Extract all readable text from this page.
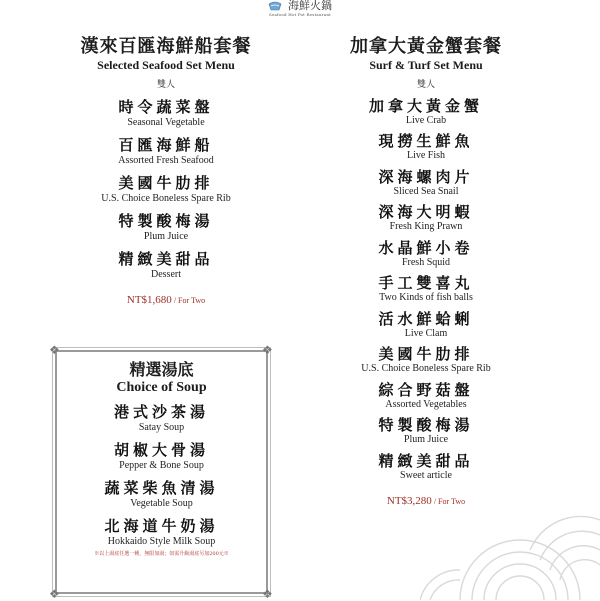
海鮮火鍋
Seafood Hot Pot Restaurant
漢來百匯海鮮船套餐
Selected Seafood Set Menu
雙人
時令蔬菜盤
Seasonal Vegetable
百匯海鮮船
Assorted Fresh Seafood
美國牛肋排
U.S. Choice Boneless Spare Rib
特製酸梅湯
Plum Juice
精緻美甜品
Dessert
NT$1,680 / For Two
❖	❖
❖	❖
精選湯底
Choice of Soup
港式沙茶湯
Satay Soup
胡椒大骨湯
Pepper & Bone Soup
蔬菜柴魚清湯
Vegetable Soup
北海道牛奶湯
Hokkaido Style Milk Soup
※以上湯底任選一種，無限加湯；如需升級湯底另加200元※
加拿大黃金蟹套餐
Surf & Turf Set Menu
雙人
加拿大黃金蟹
Live Crab
現撈生鮮魚
Live Fish
深海螺肉片
Sliced Sea Snail
深海大明蝦
Fresh King Prawn
水晶鮮小卷
Fresh Squid
手工雙喜丸
Two Kinds of fish balls
活水鮮蛤蜊
Live Clam
美國牛肋排
U.S. Choice Boneless Spare Rib
綜合野菇盤
Assorted Vegetables
特製酸梅湯
Plum Juice
精緻美甜品
Sweet article
NT$3,280 / For Two
